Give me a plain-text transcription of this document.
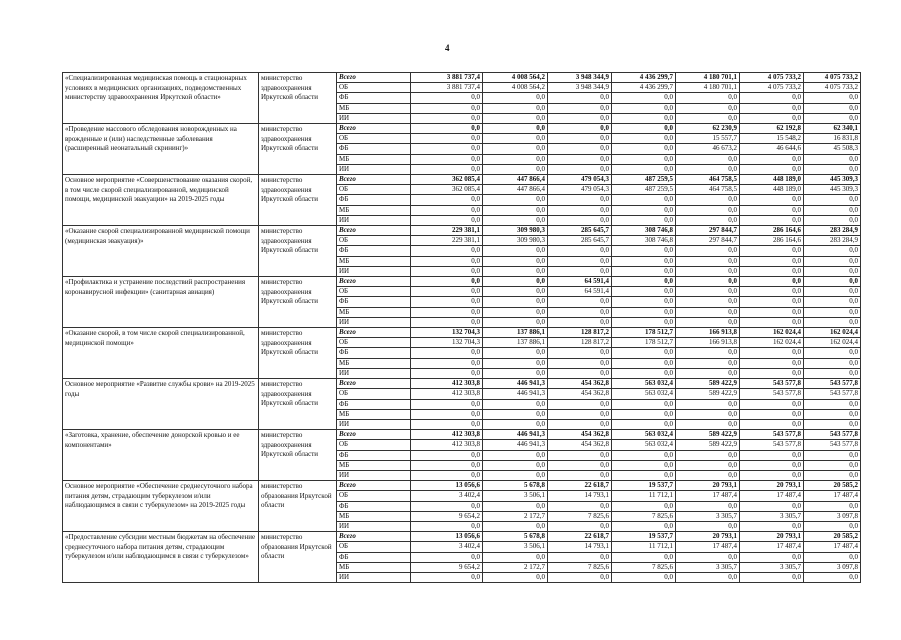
4
«Специализированная медицинская помощь в стационарных условиях в медицинских организациях, подведомственных министерству здравоохранения Иркутской области»	министерство здравоохранения Иркутской области	Всего	3 881 737,4	4 008 564,2	3 948 344,9	4 436 299,7	4 180 701,1	4 075 733,2	4 075 733,2
		ОБ	3 881 737,4	4 008 564,2	3 948 344,9	4 436 299,7	4 180 701,1	4 075 733,2	4 075 733,2
		ФБ	0,0	0,0	0,0	0,0	0,0	0,0	0,0
		МБ	0,0	0,0	0,0	0,0	0,0	0,0	0,0
		ИИ	0,0	0,0	0,0	0,0	0,0	0,0	0,0
«Проведение массового обследования новорожденных на врожденные и (или) наследственные заболевания (расширенный неонатальный скрининг)»	министерство здравоохранения Иркутской области	Всего	0,0	0,0	0,0	0,0	62 230,9	62 192,8	62 340,1
		ОБ	0,0	0,0	0,0	0,0	15 557,7	15 548,2	16 831,8
		ФБ	0,0	0,0	0,0	0,0	46 673,2	46 644,6	45 508,3
		МБ	0,0	0,0	0,0	0,0	0,0	0,0	0,0
		ИИ	0,0	0,0	0,0	0,0	0,0	0,0	0,0
Основное мероприятие «Совершенствование оказания скорой, в том числе скорой специализированной, медицинской помощи, медицинской эвакуации» на 2019-2025 годы	министерство здравоохранения Иркутской области	Всего	362 085,4	447 866,4	479 054,3	487 259,5	464 758,5	448 189,0	445 309,3
		ОБ	362 085,4	447 866,4	479 054,3	487 259,5	464 758,5	448 189,0	445 309,3
		ФБ	0,0	0,0	0,0	0,0	0,0	0,0	0,0
		МБ	0,0	0,0	0,0	0,0	0,0	0,0	0,0
		ИИ	0,0	0,0	0,0	0,0	0,0	0,0	0,0
«Оказание скорой специализированной медицинской помощи (медицинская эвакуация)»	министерство здравоохранения Иркутской области	Всего	229 381,1	309 980,3	285 645,7	308 746,8	297 844,7	286 164,6	283 284,9
		ОБ	229 381,1	309 980,3	285 645,7	308 746,8	297 844,7	286 164,6	283 284,9
		ФБ	0,0	0,0	0,0	0,0	0,0	0,0	0,0
		МБ	0,0	0,0	0,0	0,0	0,0	0,0	0,0
		ИИ	0,0	0,0	0,0	0,0	0,0	0,0	0,0
«Профилактика и устранение последствий распространения коронавирусной инфекции» (санитарная авиация)	министерство здравоохранения Иркутской области	Всего	0,0	0,0	64 591,4	0,0	0,0	0,0	0,0
		ОБ	0,0	0,0	64 591,4	0,0	0,0	0,0	0,0
		ФБ	0,0	0,0	0,0	0,0	0,0	0,0	0,0
		МБ	0,0	0,0	0,0	0,0	0,0	0,0	0,0
		ИИ	0,0	0,0	0,0	0,0	0,0	0,0	0,0
«Оказание скорой, в том числе скорой специализированной, медицинской помощи»	министерство здравоохранения Иркутской области	Всего	132 704,3	137 886,1	128 817,2	178 512,7	166 913,8	162 024,4	162 024,4
		ОБ	132 704,3	137 886,1	128 817,2	178 512,7	166 913,8	162 024,4	162 024,4
		ФБ	0,0	0,0	0,0	0,0	0,0	0,0	0,0
		МБ	0,0	0,0	0,0	0,0	0,0	0,0	0,0
		ИИ	0,0	0,0	0,0	0,0	0,0	0,0	0,0
Основное мероприятие «Развитие службы крови» на 2019-2025 годы	министерство здравоохранения Иркутской области	Всего	412 303,8	446 941,3	454 362,8	563 032,4	589 422,9	543 577,8	543 577,8
		ОБ	412 303,8	446 941,3	454 362,8	563 032,4	589 422,9	543 577,8	543 577,8
		ФБ	0,0	0,0	0,0	0,0	0,0	0,0	0,0
		МБ	0,0	0,0	0,0	0,0	0,0	0,0	0,0
		ИИ	0,0	0,0	0,0	0,0	0,0	0,0	0,0
«Заготовка, хранение, обеспечение донорской кровью и ее компонентами»	министерство здравоохранения Иркутской области	Всего	412 303,8	446 941,3	454 362,8	563 032,4	589 422,9	543 577,8	543 577,8
		ОБ	412 303,8	446 941,3	454 362,8	563 032,4	589 422,9	543 577,8	543 577,8
		ФБ	0,0	0,0	0,0	0,0	0,0	0,0	0,0
		МБ	0,0	0,0	0,0	0,0	0,0	0,0	0,0
		ИИ	0,0	0,0	0,0	0,0	0,0	0,0	0,0
Основное мероприятие «Обеспечение среднесуточного набора питания детям, страдающим туберкулезом и/или наблюдающимся в связи с туберкулезом» на 2019-2025 годы	министерство образования Иркутской области	Всего	13 056,6	5 678,8	22 618,7	19 537,7	20 793,1	20 793,1	20 585,2
		ОБ	3 402,4	3 506,1	14 793,1	11 712,1	17 487,4	17 487,4	17 487,4
		ФБ	0,0	0,0	0,0	0,0	0,0	0,0	0,0
		МБ	9 654,2	2 172,7	7 825,6	7 825,6	3 305,7	3 305,7	3 097,8
		ИИ	0,0	0,0	0,0	0,0	0,0	0,0	0,0
«Предоставление субсидии местным бюджетам на обеспечение среднесуточного набора питания детям, страдающим туберкулезом и/или наблюдающимся в связи с туберкулезом»	министерство образования Иркутской области	Всего	13 056,6	5 678,8	22 618,7	19 537,7	20 793,1	20 793,1	20 585,2
		ОБ	3 402,4	3 506,1	14 793,1	11 712,1	17 487,4	17 487,4	17 487,4
		ФБ	0,0	0,0	0,0	0,0	0,0	0,0	0,0
		МБ	9 654,2	2 172,7	7 825,6	7 825,6	3 305,7	3 305,7	3 097,8
		ИИ	0,0	0,0	0,0	0,0	0,0	0,0	0,0
